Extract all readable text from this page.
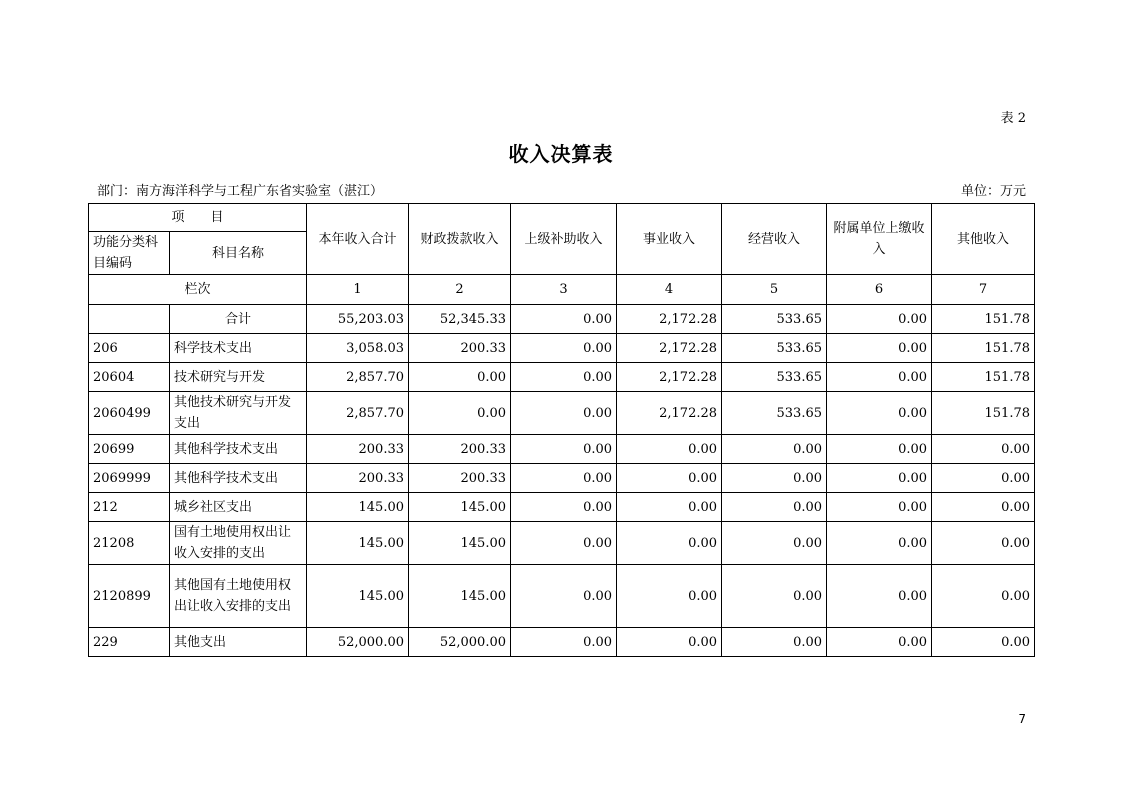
表 2
收入决算表
部门：南方海洋科学与工程广东省实验室（湛江）	单位：万元
项　　目		本年收入合计	财政拨款收入	上级补助收入	事业收入	经营收入	附属单位上缴收入	其他收入
功能分类科目编码	科目名称							
栏次		1	2	3	4	5	6	7
	合计	55,203.03	52,345.33	0.00	2,172.28	533.65	0.00	151.78
206	科学技术支出	3,058.03	200.33	0.00	2,172.28	533.65	0.00	151.78
20604	技术研究与开发	2,857.70	0.00	0.00	2,172.28	533.65	0.00	151.78
2060499	其他技术研究与开发支出	2,857.70	0.00	0.00	2,172.28	533.65	0.00	151.78
20699	其他科学技术支出	200.33	200.33	0.00	0.00	0.00	0.00	0.00
2069999	其他科学技术支出	200.33	200.33	0.00	0.00	0.00	0.00	0.00
212	城乡社区支出	145.00	145.00	0.00	0.00	0.00	0.00	0.00
21208	国有土地使用权出让收入安排的支出	145.00	145.00	0.00	0.00	0.00	0.00	0.00
2120899	其他国有土地使用权出让收入安排的支出	145.00	145.00	0.00	0.00	0.00	0.00	0.00
229	其他支出	52,000.00	52,000.00	0.00	0.00	0.00	0.00	0.00
7
